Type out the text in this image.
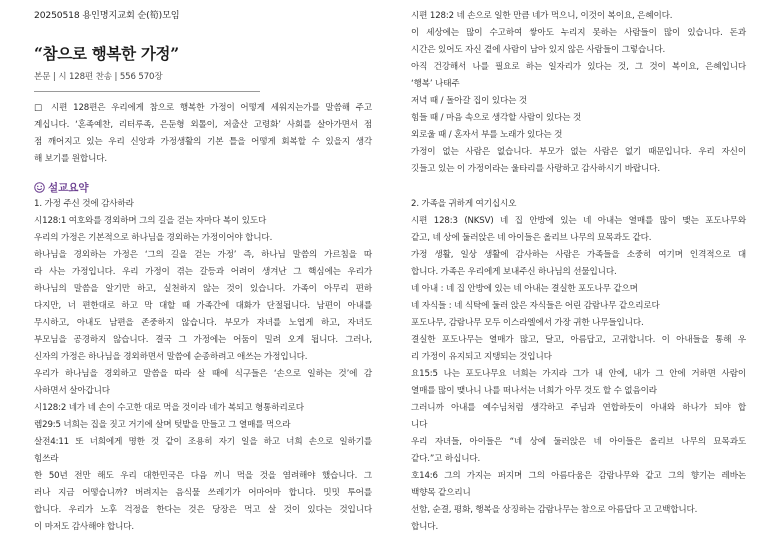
20250518 용인명지교회 순(筍)모임
“참으로 행복한 가정”
본문 | 시 128편 찬송 | 556 570장
□ 시편 128편은 우리에게 참으로 행복한 가정이 어떻게 세워지는가를 말씀해 주고
계십니다. ‘혼족예찬, 리터루족, 은둔형 외톨이, 저출산 고령화’ 사회를 살아가면서 점
점 깨어지고 있는 우리 신앙과 가정생활의 기본 틀을 어떻게 회복할 수 있을지 생각
해 보기를 원합니다.
설교요약
1. 가정 주신 것에 감사하라
시128:1 여호와를 경외하며 그의 길을 걷는 자마다 복이 있도다
우리의 가정은 기본적으로 하나님을 경외하는 가정이어야 합니다.
하나님을 경외하는 가정은 ‘그의 길을 걷는 가정’ 즉, 하나님 말씀의 가르침을 따
라 사는 가정입니다. 우리 가정이 겪는 갈등과 어려이 생겨난 그 핵심에는 우리가
하나님의 말씀을 알기만 하고, 실천하지 않는 것이 있습니다. 가족이 아무리 편하
다지만, 너 편한대로 하고 막 대할 때 가족간에 대화가 단절됩니다. 남편이 아내를
무시하고, 아내도 남편을 존중하지 않습니다. 부모가 자녀를 노엽게 하고, 자녀도
부모님을 공경하지 않습니다. 결국 그 가정에는 어둠이 밀려 오게 됩니다. 그러나,
신자의 가정은 하나님을 경외하면서 말씀에 순종하려고 애쓰는 가정입니다.
우리가 하나님을 경외하고 말씀을 따라 살 때에 식구들은 ‘손으로 일하는 것’에 감
사하면서 살아갑니다
시128:2 네가 네 손이 수고한 대로 먹을 것이라 네가 복되고 형통하리로다
렘29:5 너희는 집을 짓고 거기에 살며 텃밭을 만들고 그 열매를 먹으라
살전4:11 또 너희에게 명한 것 같이 조용히 자기 일을 하고 너희 손으로 일하기를
힘쓰라
한 50년 전만 해도 우리 대한민국은 다음 끼니 먹을 것을 염려해야 했습니다. 그
러나 지금 어떻습니까? 버려지는 음식물 쓰레기가 어마어마 합니다. 밋밋 투어를
합니다. 우리가 노후 걱정을 한다는 것은 당장은 먹고 살 것이 있다는 것입니다
이 마저도 감사해야 합니다.
시편 128:2 네 손으로 일한 만큼 네가 먹으니, 이것이 복이요, 은혜이다.
이 세상에는 많이 수고하여 쌓아도 누리지 못하는 사람들이 많이 있습니다. 돈과
시간은 있어도 자신 곁에 사람이 남아 있지 않은 사람들이 그렇습니다.
아직 건강해서 나를 필요로 하는 일자리가 있다는 것, 그 것이 복이요, 은혜입니다
‘행복’ 나태주
저녁 때 / 돌아갈 집이 있다는 것
힘들 때 / 마음 속으로 생각할 사람이 있다는 것
외로울 때 / 혼자서 부를 노래가 있다는 것
가정이 없는 사람은 없습니다. 부모가 없는 사람은 없기 때문입니다. 우리 자신이
깃들고 있는 이 가정이라는 울타리를 사랑하고 감사하시기 바랍니다.
2. 가족을 귀하게 여기십시오
시편 128:3 (NKSV) 네 집 안방에 있는 네 아내는 열매를 많이 맺는 포도나무와
같고, 네 상에 둘러앉은 네 아이들은 올리브 나무의 묘목과도 같다.
가정 생활, 일상 생활에 감사하는 사람은 가족들을 소중히 여기며 인격적으로 대
합니다. 가족은 우리에게 보내주신 하나님의 선물입니다.
네 아내 : 네 집 안방에 있는 네 아내는 결실한 포도나무 같으며
네 자식들 : 네 식탁에 둘러 앉은 자식들은 어린 감람나무 같으리로다
포도나무, 감람나무 모두 이스라엘에서 가장 귀한 나무들입니다.
결실한 포도나무는 열매가 많고, 달고, 아름답고, 고귀합니다. 이 아내들을 통해 우
리 가정이 유지되고 지탱되는 것입니다
요15:5 나는 포도나무요 너희는 가지라 그가 내 안에, 내가 그 안에 거하면 사람이
열매를 많이 맺나니 나를 떠나서는 너희가 아무 것도 할 수 없음이라
그러니까 아내를 예수님처럼 생각하고 주님과 연합하듯이 아내와 하나가 되야 합
니다
우리 자녀들, 아이들은 “네 상에 둘러앉은 네 아이들은 올리브 나무의 묘목과도
같다.”고 하십니다.
호14:6 그의 가지는 퍼지며 그의 아름다움은 감람나무와 같고 그의 향기는 레바논
백향목 같으리니
선함, 순결, 평화, 행복을 상징하는 감람나무는 참으로 아름답다 고 고백합니다.
합니다.
